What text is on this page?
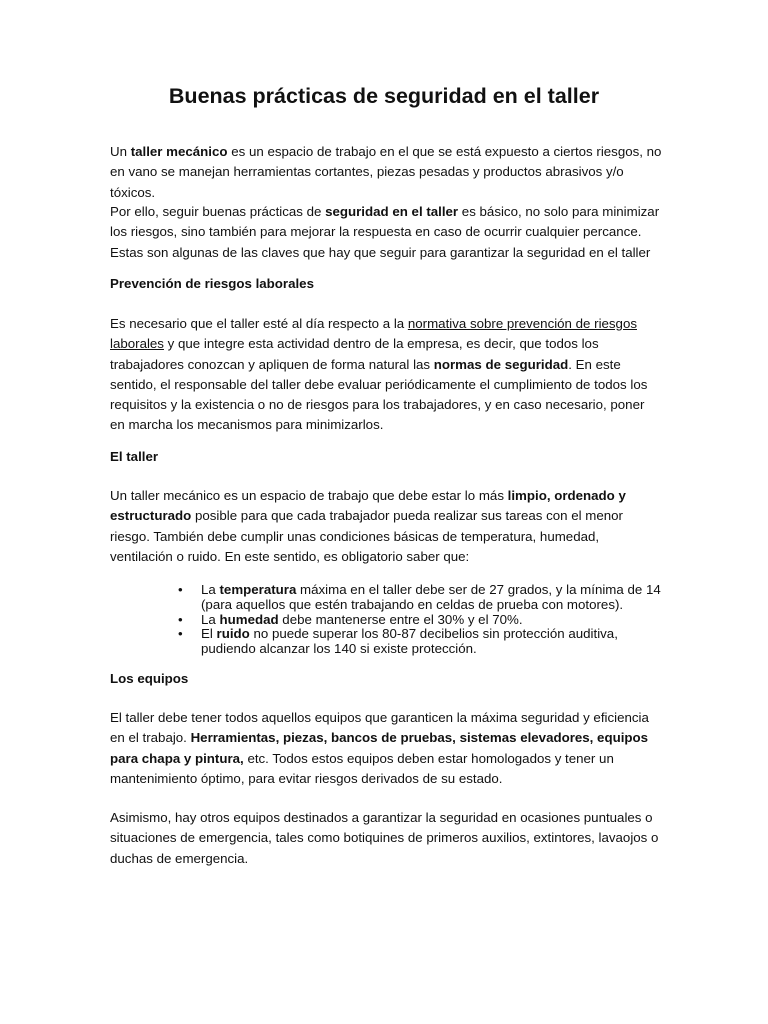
Buenas prácticas de seguridad en el taller

Un taller mecánico es un espacio de trabajo en el que se está expuesto a ciertos riesgos, no en vano se manejan herramientas cortantes, piezas pesadas y productos abrasivos y/o tóxicos.

Por ello, seguir buenas prácticas de seguridad en el taller es básico, no solo para minimizar los riesgos, sino también para mejorar la respuesta en caso de ocurrir cualquier percance. Estas son algunas de las claves que hay que seguir para garantizar la seguridad en el taller

Prevención de riesgos laborales

Es necesario que el taller esté al día respecto a la normativa sobre prevención de riesgos laborales y que integre esta actividad dentro de la empresa, es decir, que todos los trabajadores conozcan y apliquen de forma natural las normas de seguridad. En este sentido, el responsable del taller debe evaluar periódicamente el cumplimiento de todos los requisitos y la existencia o no de riesgos para los trabajadores, y en caso necesario, poner en marcha los mecanismos para minimizarlos.

El taller

Un taller mecánico es un espacio de trabajo que debe estar lo más limpio, ordenado y estructurado posible para que cada trabajador pueda realizar sus tareas con el menor riesgo. También debe cumplir unas condiciones básicas de temperatura, humedad, ventilación o ruido. En este sentido, es obligatorio saber que:

• La temperatura máxima en el taller debe ser de 27 grados, y la mínima de 14 (para aquellos que estén trabajando en celdas de prueba con motores).
• La humedad debe mantenerse entre el 30% y el 70%.
• El ruido no puede superar los 80-87 decibelios sin protección auditiva, pudiendo alcanzar los 140 si existe protección.
Los equipos

El taller debe tener todos aquellos equipos que garanticen la máxima seguridad y eficiencia en el trabajo. Herramientas, piezas, bancos de pruebas, sistemas elevadores, equipos para chapa y pintura, etc. Todos estos equipos deben estar homologados y tener un mantenimiento óptimo, para evitar riesgos derivados de su estado.

Asimismo, hay otros equipos destinados a garantizar la seguridad en ocasiones puntuales o situaciones de emergencia, tales como botiquines de primeros auxilios, extintores, lavaojos o duchas de emergencia.
